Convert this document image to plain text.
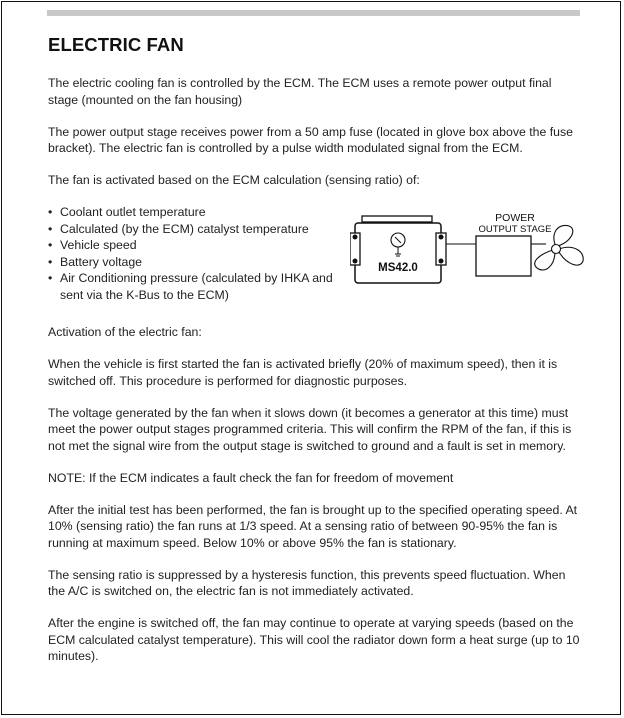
ELECTRIC FAN

The electric cooling fan is controlled by the ECM. The ECM uses a remote power output final stage (mounted on the fan housing)

The power output stage receives power from a 50 amp fuse (located in glove box above the fuse bracket). The electric fan is controlled by a pulse width modulated signal from the ECM.

The fan is activated based on the ECM calculation (sensing ratio) of:

• Coolant outlet temperature
• Calculated (by the ECM) catalyst temperature
• Vehicle speed
• Battery voltage
• Air Conditioning pressure (calculated by IHKA and sent via the K-Bus to the ECM)
MS42.0
POWER
OUTPUT STAGE

Activation of the electric fan:

When the vehicle is first started the fan is activated briefly (20% of maximum speed), then it is switched off. This procedure is performed for diagnostic purposes.

The voltage generated by the fan when it slows down (it becomes a generator at this time) must meet the power output stages programmed criteria. This will confirm the RPM of the fan, if this is not met the signal wire from the output stage is switched to ground and a fault is set in memory.

NOTE: If the ECM indicates a fault check the fan for freedom of movement

After the initial test has been performed, the fan is brought up to the specified operating speed. At 10% (sensing ratio) the fan runs at 1/3 speed. At a sensing ratio of between 90-95% the fan is running at maximum speed. Below 10% or above 95% the fan is stationary.

The sensing ratio is suppressed by a hysteresis function, this prevents speed fluctuation. When the A/C is switched on, the electric fan is not immediately activated.

After the engine is switched off, the fan may continue to operate at varying speeds (based on the ECM calculated catalyst temperature). This will cool the radiator down form a heat surge (up to 10 minutes).
